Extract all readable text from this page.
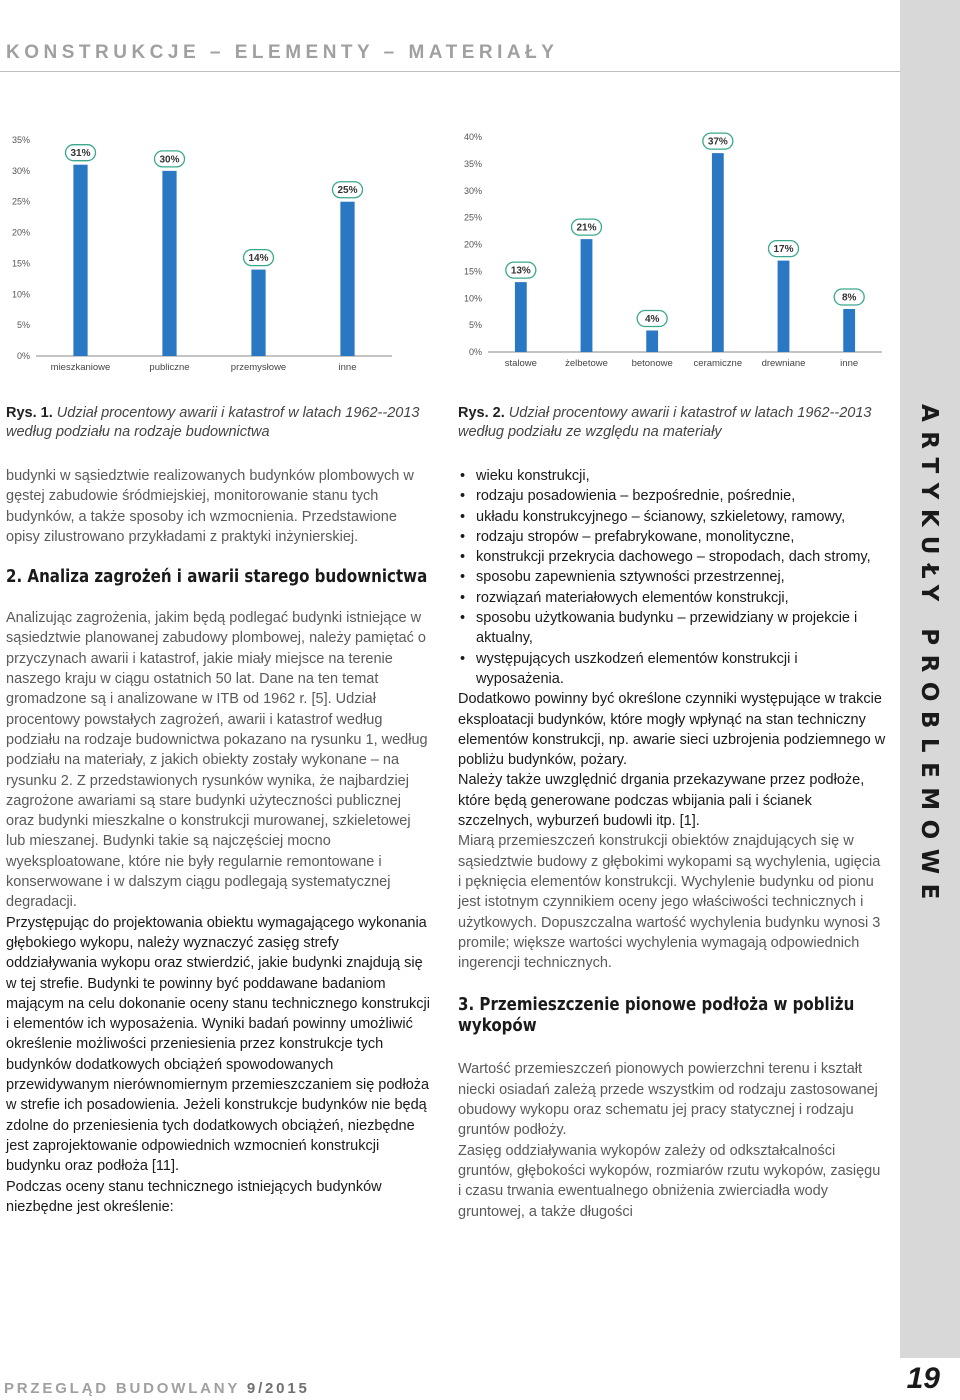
KONSTRUKCJE – ELEMENTY – MATERIAŁY
ARTYKUŁY PROBLEMOWE
0%
5%
10%
15%
20%
25%
30%
35%
31%
mieszkaniowe
30%
publiczne
14%
przemysłowe
25%
inne
0%
5%
10%
15%
20%
25%
30%
35%
40%
13%
stalowe
21%
żelbetowe
4%
betonowe
37%
ceramiczne
17%
drewniane
8%
inne
Rys. 1. Udział procentowy awarii i katastrof w latach 1962--2013 według podziału na rodzaje budownictwa
Rys. 2. Udział procentowy awarii i katastrof w latach 1962--2013 według podziału ze względu na materiały

budynki w sąsiedztwie realizowanych budynków plombowych w gęstej zabudowie śródmiejskiej, monitorowanie stanu tych budynków, a także sposoby ich wzmocnienia. Przedstawione opisy zilustrowano przykładami z praktyki inżynierskiej.

2. Analiza zagrożeń i awarii starego budownictwa

Analizując zagrożenia, jakim będą podlegać budynki istniejące w sąsiedztwie planowanej zabudowy plombowej, należy pamiętać o przyczynach awarii i katastrof, jakie miały miejsce na terenie naszego kraju w ciągu ostatnich 50 lat. Dane na ten temat gromadzone są i analizowane w ITB od 1962 r. [5]. Udział procentowy powstałych zagrożeń, awarii i katastrof według podziału na rodzaje budownictwa pokazano na rysunku 1, według podziału na materiały, z jakich obiekty zostały wykonane – na rysunku 2. Z przedstawionych rysunków wynika, że najbardziej zagrożone awariami są stare budynki użyteczności publicznej oraz budynki mieszkalne o konstrukcji murowanej, szkieletowej lub mieszanej. Budynki takie są najczęściej mocno wyeksploatowane, które nie były regularnie remontowane i konserwowane i w dalszym ciągu podlegają systematycznej degradacji.

Przystępując do projektowania obiektu wymagającego wykonania głębokiego wykopu, należy wyznaczyć zasięg strefy oddziaływania wykopu oraz stwierdzić, jakie budynki znajdują się w tej strefie. Budynki te powinny być poddawane badaniom mającym na celu dokonanie oceny stanu technicznego konstrukcji i elementów ich wyposażenia. Wyniki badań powinny umożliwić określenie możliwości przeniesienia przez konstrukcje tych budynków dodatkowych obciążeń spowodowanych przewidywanym nierównomiernym przemieszczaniem się podłoża w strefie ich posadowienia. Jeżeli konstrukcje budynków nie będą zdolne do przeniesienia tych dodatkowych obciążeń, niezbędne jest zaprojektowanie odpowiednich wzmocnień konstrukcji budynku oraz podłoża [11].

Podczas oceny stanu technicznego istniejących budynków niezbędne jest określenie:

• wieku konstrukcji,
• rodzaju posadowienia – bezpośrednie, pośrednie,
• układu konstrukcyjnego – ścianowy, szkieletowy, ramowy,
• rodzaju stropów – prefabrykowane, monolityczne,
• konstrukcji przekrycia dachowego – stropodach, dach stromy,
• sposobu zapewnienia sztywności przestrzennej,
• rozwiązań materiałowych elementów konstrukcji,
• sposobu użytkowania budynku – przewidziany w projekcie i aktualny,
• występujących uszkodzeń elementów konstrukcji i wyposażenia.

Dodatkowo powinny być określone czynniki występujące w trakcie eksploatacji budynków, które mogły wpłynąć na stan techniczny elementów konstrukcji, np. awarie sieci uzbrojenia podziemnego w pobliżu budynków, pożary.

Należy także uwzględnić drgania przekazywane przez podłoże, które będą generowane podczas wbijania pali i ścianek szczelnych, wyburzeń budowli itp. [1].

Miarą przemieszczeń konstrukcji obiektów znajdujących się w sąsiedztwie budowy z głębokimi wykopami są wychylenia, ugięcia i pęknięcia elementów konstrukcji. Wychylenie budynku od pionu jest istotnym czynnikiem oceny jego właściwości technicznych i użytkowych. Dopuszczalna wartość wychylenia budynku wynosi 3 promile; większe wartości wychylenia wymagają odpowiednich ingerencji technicznych.

3. Przemieszczenie pionowe podłoża w pobliżu wykopów

Wartość przemieszczeń pionowych powierzchni terenu i kształt niecki osiadań zależą przede wszystkim od rodzaju zastosowanej obudowy wykopu oraz schematu jej pracy statycznej i rodzaju gruntów podłoży.

Zasięg oddziaływania wykopów zależy od odkształcalności gruntów, głębokości wykopów, rozmiarów rzutu wykopów, zasięgu i czasu trwania ewentualnego obniżenia zwierciadła wody gruntowej, a także długości

PRZEGLĄD BUDOWLANY 9/2015	19
